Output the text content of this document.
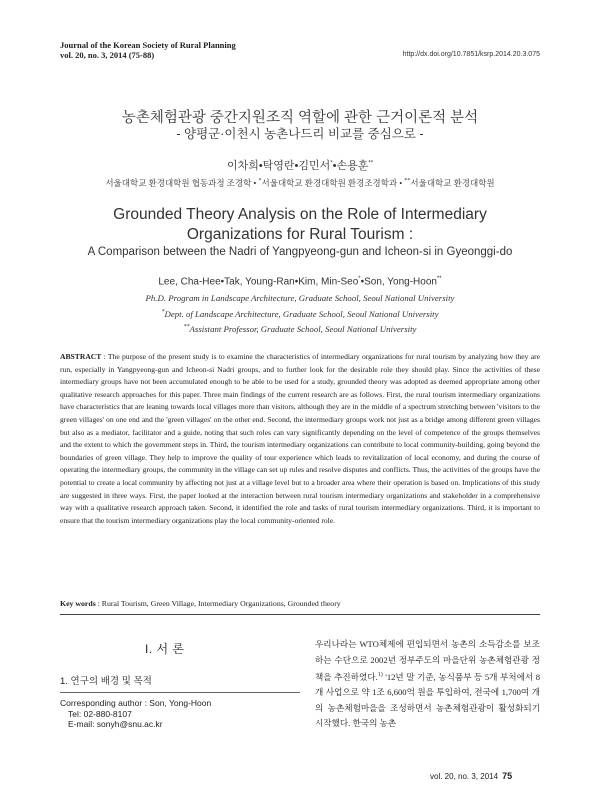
Journal of the Korean Society of Rural Planning
vol. 20, no. 3, 2014 (75-88)	http://dx.doi.org/10.7851/ksrp.2014.20.3.075
농촌체험관광 중간지원조직 역할에 관한 근거이론적 분석
- 양평군·이천시 농촌나드리 비교를 중심으로 -
이차희•탁영란•김민서*•손용훈**
서울대학교 환경대학원 협동과정 조경학 • *서울대학교 환경대학원 환경조경학과 • **서울대학교 환경대학원
Grounded Theory Analysis on the Role of Intermediary
Organizations for Rural Tourism :
A Comparison between the Nadri of Yangpyeong-gun and Icheon-si in Gyeonggi-do
Lee, Cha-Hee•Tak, Young-Ran•Kim, Min-Seo*•Son, Yong-Hoon**
Ph.D. Program in Landscape Architecture, Graduate School, Seoul National University
*Dept. of Landscape Architecture, Graduate School, Seoul National University
**Assistant Professor, Graduate School, Seoul National University
ABSTRACT : The purpose of the present study is to examine the characteristics of intermediary organizations for rural tourism by analyzing how they are run, especially in Yangpyeong-gun and Icheon-si Nadri groups, and to further look for the desirable role they should play. Since the activities of these intermediary groups have not been accumulated enough to be able to be used for a study, grounded theory was adopted as deemed appropriate among other qualitative research approaches for this paper. Three main findings of the current research are as follows. First, the rural tourism intermediary organizations have characteristics that are leaning towards local villages more than visitors, although they are in the middle of a spectrum stretching between 'visitors to the green villages' on one end and the 'green villages' on the other end. Second, the intermediary groups work not just as a bridge among different green villages but also as a mediator, facilitator and a guide, noting that such roles can vary significantly depending on the level of competence of the groups themselves and the extent to which the government steps in. Third, the tourism intermediary organizations can contribute to local community-building, going beyond the boundaries of green village. They help to improve the quality of tour experience which leads to revitalization of local economy, and during the course of operating the intermediary groups, the community in the village can set up rules and resolve disputes and conflicts. Thus, the activities of the groups have the potential to create a local community by affecting not just at a village level but to a broader area where their operation is based on. Implications of this study are suggested in three ways. First, the paper looked at the interaction between rural tourism intermediary organizations and stakeholder in a comprehensive way with a qualitative research approach taken. Second, it identified the role and tasks of rural tourism intermediary organizations. Third, it is important to ensure that the tourism intermediary organizations play the local community-oriented role.
Key words : Rural Tourism, Green Village, Intermediary Organizations, Grounded theory
I. 서 론
1. 연구의 배경 및 목적
Corresponding author : Son, Yong-Hoon
Tel: 02-880-8107
E-mail: sonyh@snu.ac.kr
우리나라는 WTO체제에 편입되면서 농촌의 소득감소를 보조하는 수단으로 2002년 정부주도의 마을단위 농촌체험관광 정책을 추진하였다.$^{1)}$ '12년 말 기준, 농식품부 등 5개 부처에서 8개 사업으로 약 1조 6,600억 원을 투입하여, 전국에 1,700여 개의 농촌체험마을을 조성하면서 농촌체험관광이 활성화되기 시작했다. 한국의 농촌
vol. 20, no. 3, 2014 75
